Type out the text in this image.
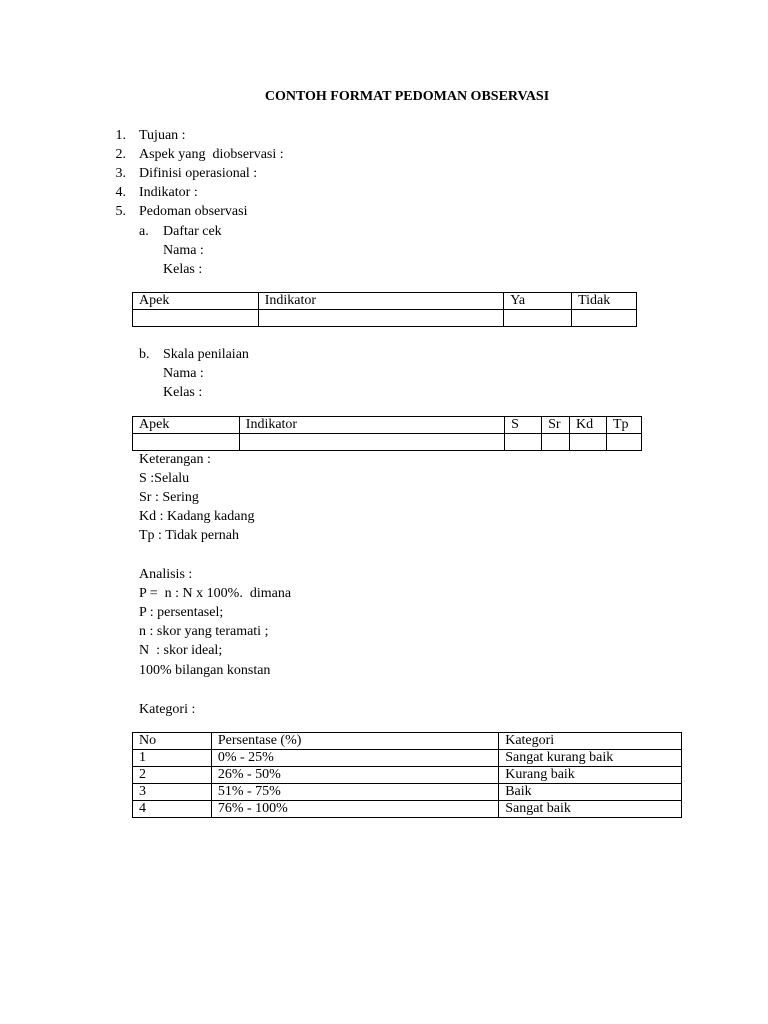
CONTOH FORMAT PEDOMAN OBSERVASI
1. Tujuan :
2. Aspek yang  diobservasi :
3. Difinisi operasional :
4. Indikator :
5. Pedoman observasi
a. Daftar cek
Nama :
Kelas :
Apek	Indikator	Ya	Tidak

b. Skala penilaian
Nama :
Kelas :
Apek	Indikator	S	Sr	Kd	Tp

Keterangan :
S :Selalu
Sr : Sering
Kd : Kadang kadang
Tp : Tidak pernah
Analisis :
P =  n : N x 100%.  dimana
P : persentasel;
n : skor yang teramati ;
N  : skor ideal;
100% bilangan konstan
Kategori :
No	Persentase (%)	Kategori
1	0% - 25%	Sangat kurang baik
2	26% - 50%	Kurang baik
3	51% - 75%	Baik
4	76% - 100%	Sangat baik
